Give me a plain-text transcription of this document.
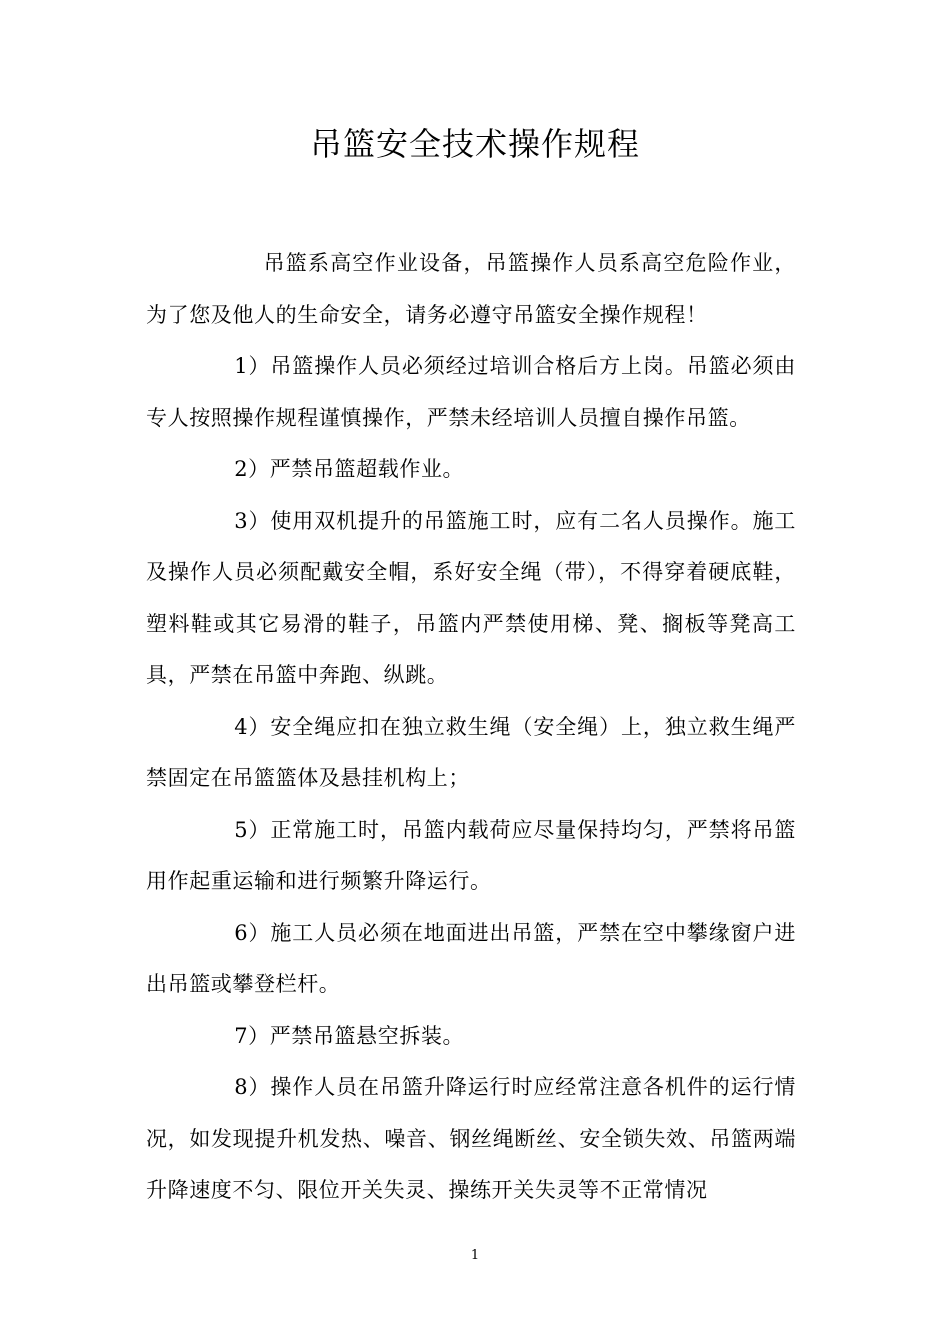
吊篮安全技术操作规程

吊篮系高空作业设备，吊篮操作人员系高空危险作业，为了您及他人的生命安全，请务必遵守吊篮安全操作规程！

1）吊篮操作人员必须经过培训合格后方上岗。吊篮必须由专人按照操作规程谨慎操作，严禁未经培训人员擅自操作吊篮。

2）严禁吊篮超载作业。

3）使用双机提升的吊篮施工时，应有二名人员操作。施工及操作人员必须配戴安全帽，系好安全绳（带），不得穿着硬底鞋，塑料鞋或其它易滑的鞋子，吊篮内严禁使用梯、凳、搁板等凳高工具，严禁在吊篮中奔跑、纵跳。

4）安全绳应扣在独立救生绳（安全绳）上，独立救生绳严禁固定在吊篮篮体及悬挂机构上；

5）正常施工时，吊篮内载荷应尽量保持均匀，严禁将吊篮用作起重运输和进行频繁升降运行。

6）施工人员必须在地面进出吊篮，严禁在空中攀缘窗户进出吊篮或攀登栏杆。

7）严禁吊篮悬空拆装。

8）操作人员在吊篮升降运行时应经常注意各机件的运行情况，如发现提升机发热、噪音、钢丝绳断丝、安全锁失效、吊篮两端升降速度不匀、限位开关失灵、操练开关失灵等不正常情况

1
